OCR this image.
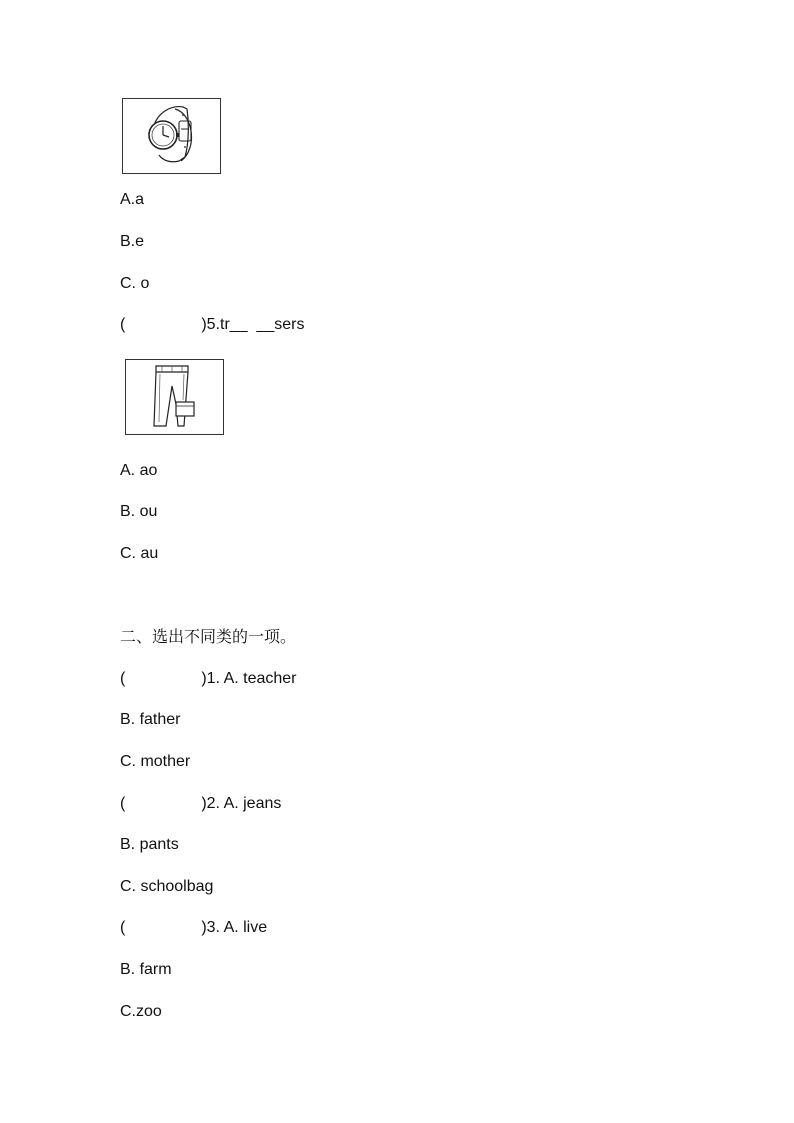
A.a
B.e
C. o
(	)5.tr__  __sers
A. ao
B. ou
C. au
二、选出不同类的一项。
(	)1. A. teacher
B. father
C. mother
(	)2. A. jeans
B. pants
C. schoolbag
(	)3. A. live
B. farm
C.zoo
